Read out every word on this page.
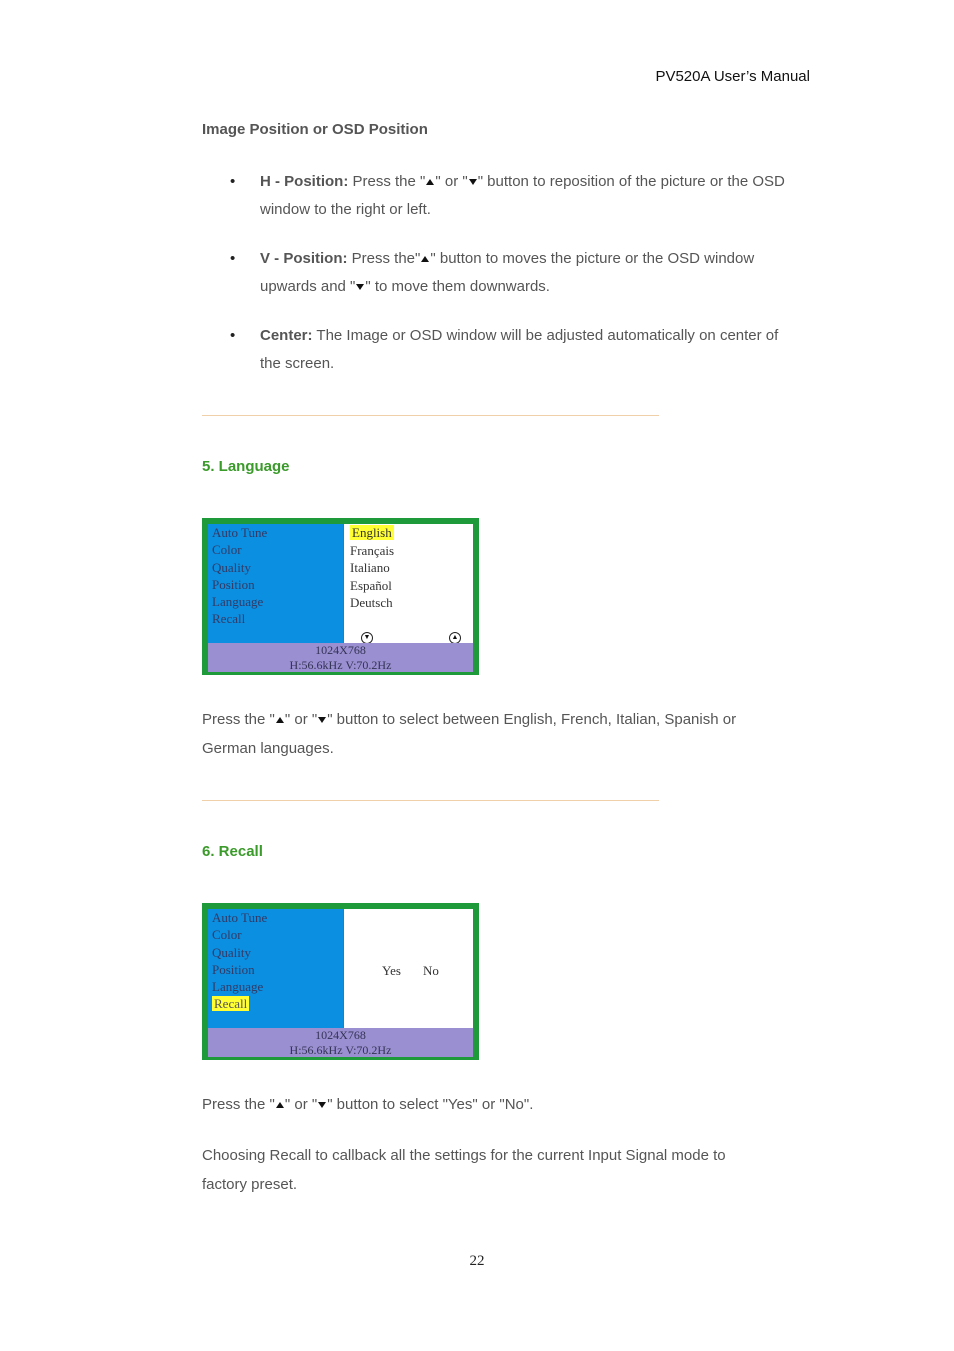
PV520A User’s Manual
Image Position or OSD Position
• H - Position: Press the " " or " " button to reposition of the picture or the OSD window to the right or left.
• V - Position: Press the" " button to moves the picture or the OSD window upwards and " " to move them downwards.
• Center: The Image or OSD window will be adjusted automatically on center of the screen.
5. Language
Auto Tune
Color
Quality
Position
Language
Recall
English
Français
Italiano
Español
Deutsch
▼	▲
1024X768
H:56.6kHz V:70.2Hz
Press the " " or " " button to select between English, French, Italian, Spanish or German languages.
6. Recall
Auto Tune
Color
Quality
Position
Language
Recall
Yes No
1024X768
H:56.6kHz V:70.2Hz
Press the " " or " " button to select "Yes" or "No".
Choosing Recall to callback all the settings for the current Input Signal mode to factory preset.
22
